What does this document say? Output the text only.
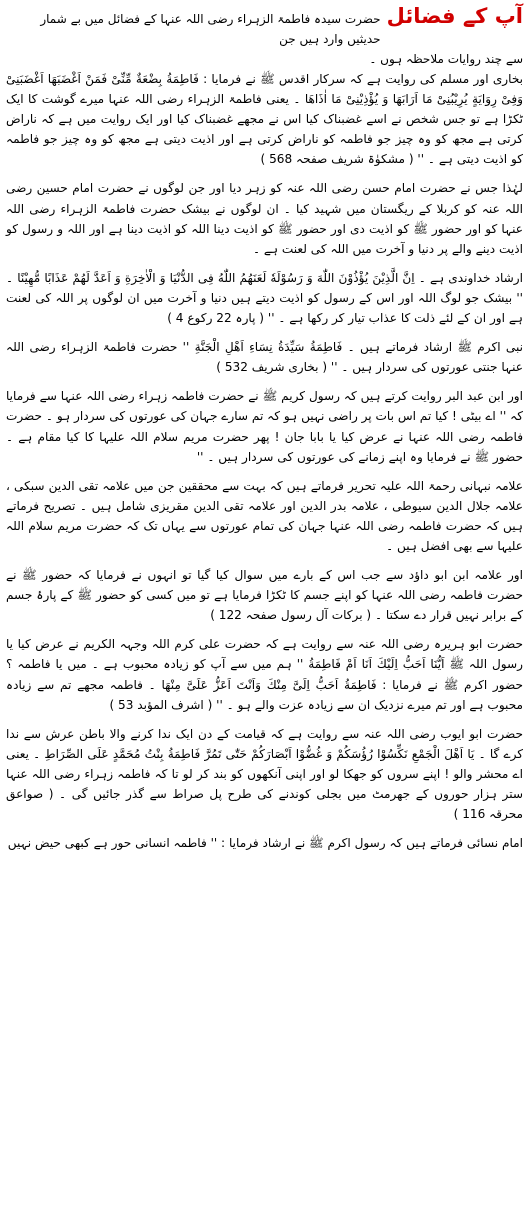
آپ کے فضائل
حضرت سیدہ فاطمۃ الزہراء رضی اللہ عنہا کے فضائل میں بے شمار حدیثیں وارد ہیں جن
سے چند روایات ملاحظہ ہوں ۔

بخاری اور مسلم کی روایت ہے کہ سرکار اقدس ﷺ نے فرمایا : فَاطِمَةُ بِضْعَةٌ مِّنِّیْ فَمَنْ اَغْضَبَهَا اَغْضَبَنِیْ وَفِیْ رِوَایَةٍ یُرِیْبُنِیْ مَا اَرَابَهَا وَ یُؤْذِیْنِیْ مَا اٰذَاهَا ۔ یعنی فاطمۃ الزہراء رضی اللہ عنہا میرے گوشت کا ایک ٹکڑا ہے تو جس شخص نے اسے غضبناک کیا اس نے مجھے غضبناک کیا اور ایک روایت میں ہے کہ ناراض کرتی ہے مجھ کو وہ چیز جو فاطمہ کو ناراض کرتی ہے اور اذیت دیتی ہے مجھ کو وہ چیز جو فاطمہ کو اذیت دیتی ہے ۔ '' ( مشکوٰۃ شریف صفحہ 568 )

لہٰذا جس نے حضرت امام حسن رضی اللہ عنہ کو زہر دیا اور جن لوگوں نے حضرت امام حسین رضی اللہ عنہ کو کربلا کے ریگستان میں شہید کیا ۔ ان لوگوں نے بیشک حضرت فاطمۃ الزہراء رضی اللہ عنہا کو اور حضور ﷺ کو اذیت دی اور حضور ﷺ کو اذیت دینا اللہ کو اذیت دینا ہے اور اللہ و رسول کو اذیت دینے والے پر دنیا و آخرت میں اللہ کی لعنت ہے ۔

ارشاد خداوندی ہے ۔ اِنَّ الَّذِیْنَ یُؤْذُوْنَ اللّٰهَ وَ رَسُوْلَهٗ لَعَنَهُمُ اللّٰهُ فِی الدُّنْیَا وَ الْاٰخِرَةِ وَ اَعَدَّ لَهُمْ عَذَابًا مُّهِیْنًا ۔ '' بیشک جو لوگ اللہ اور اس کے رسول کو اذیت دیتے ہیں دنیا و آخرت میں ان لوگوں پر اللہ کی لعنت ہے اور ان کے لئے ذلت کا عذاب تیار کر رکھا ہے ۔ '' ( پارہ 22 رکوع 4 )

نبی اکرم ﷺ ارشاد فرماتے ہیں ۔ فَاطِمَةُ سَیِّدَةُ نِسَاءِ اَهْلِ الْجَنَّةِ '' حضرت فاطمۃ الزہراء رضی اللہ عنہا جنتی عورتوں کی سردار ہیں ۔ '' ( بخاری شریف 532 )

اور ابن عبد البر روایت کرتے ہیں کہ رسول کریم ﷺ نے حضرت فاطمہ زہراء رضی اللہ عنہا سے فرمایا کہ '' اے بیٹی ! کیا تم اس بات پر راضی نہیں ہو کہ تم سارے جہان کی عورتوں کی سردار ہو ۔ حضرت فاطمہ رضی اللہ عنہا نے عرض کیا یا بابا جان ! پھر حضرت مریم سلام اللہ علیہا کا کیا مقام ہے ۔ حضور ﷺ نے فرمایا وہ اپنے زمانے کی عورتوں کی سردار ہیں ۔ ''

علامہ نبہانی رحمۃ اللہ علیہ تحریر فرماتے ہیں کہ بہت سے محققین جن میں علامہ تقی الدین سبکی ، علامہ جلال الدین سیوطی ، علامہ بدر الدین اور علامہ تقی الدین مقریزی شامل ہیں ۔ تصریح فرماتے ہیں کہ حضرت فاطمہ رضی اللہ عنہا جہان کی تمام عورتوں سے یہاں تک کہ حضرت مریم سلام اللہ علیہا سے بھی افضل ہیں ۔

اور علامہ ابن ابو داؤد سے جب اس کے بارے میں سوال کیا گیا تو انہوں نے فرمایا کہ حضور ﷺ نے حضرت فاطمہ رضی اللہ عنہا کو اپنے جسم کا ٹکڑا فرمایا ہے تو میں کسی کو حضور ﷺ کے پارۂ جسم کے برابر نہیں قرار دے سکتا ۔ ( برکات آل رسول صفحہ 122 )

حضرت ابو ہریرہ رضی اللہ عنہ سے روایت ہے کہ حضرت علی کرم اللہ وجہہ الکریم نے عرض کیا یا رسول اللہ ﷺ اَیُّنَا اَحَبُّ اِلَیْكَ اَنَا اَمْ فَاطِمَةُ '' ہم میں سے آپ کو زیادہ محبوب ہے ۔ میں یا فاطمہ ؟ حضور اکرم ﷺ نے فرمایا : فَاطِمَةُ اَحَبُّ اِلَیَّ مِنْكَ وَاَنْتَ اَعَزُّ عَلَیَّ مِنْهَا ۔ فاطمہ مجھے تم سے زیادہ محبوب ہے اور تم میرے نزدیک ان سے زیادہ عزت والے ہو ۔ '' ( اشرف المؤبد 53 )

حضرت ابو ایوب رضی اللہ عنہ سے روایت ہے کہ قیامت کے دن ایک ندا کرنے والا باطن عرش سے ندا کرے گا ۔ یَا اَهْلَ الْجَمْعِ نَكِّسُوْا رُؤُسَكُمْ وَ غُضُّوْا اَبْصَارَكُمْ حَتّٰی تَمُرَّ فَاطِمَةُ بِنْتُ مُحَمَّدٍ عَلَی الصِّرَاطِ ۔ یعنی اے محشر والو ! اپنے سروں کو جھکا لو اور اپنی آنکھوں کو بند کر لو تا کہ فاطمہ زہراء رضی اللہ عنہا ستر ہزار حوروں کے جھرمٹ میں بجلی کوندنے کی طرح پل صراط سے گذر جائیں گی ۔ ( صواعق محرقہ 116 )

امام نسائی فرماتے ہیں کہ رسول اکرم ﷺ نے ارشاد فرمایا : '' فاطمہ انسانی حور ہے کبھی حیض نہیں
